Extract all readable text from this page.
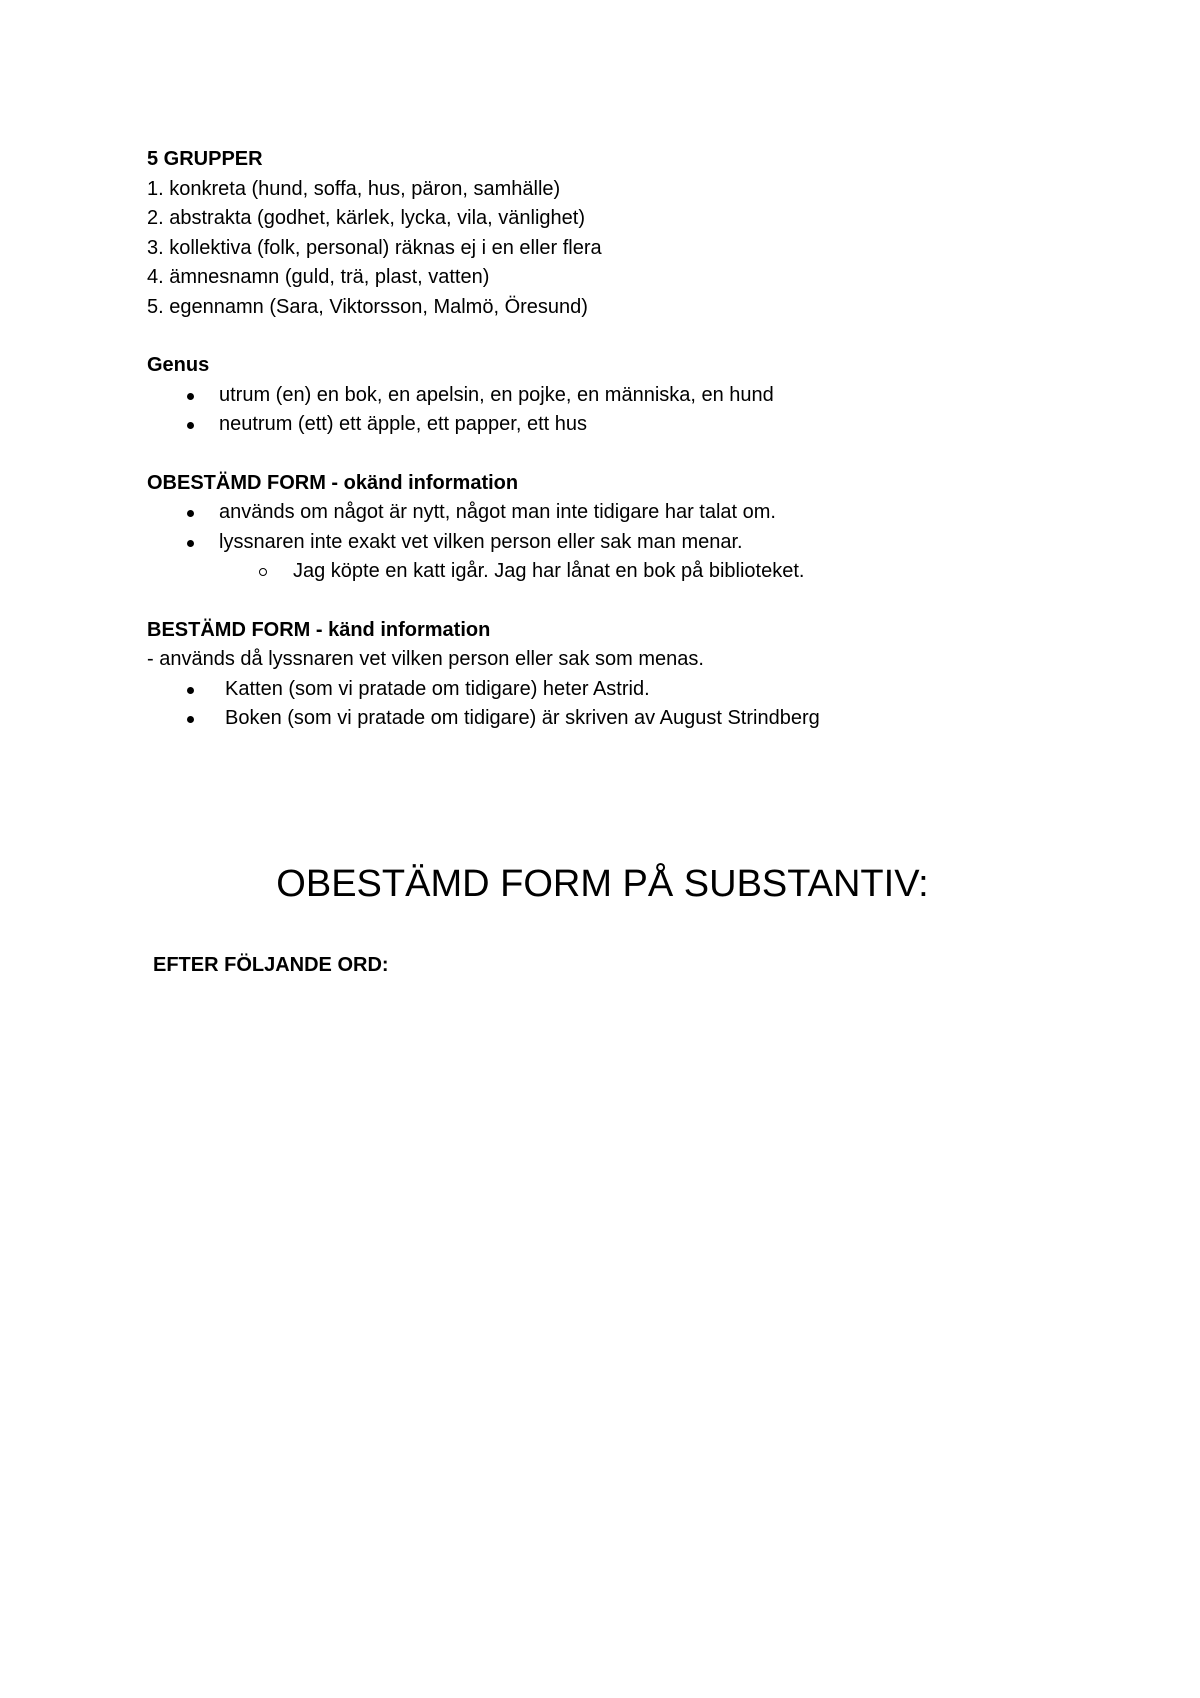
5 GRUPPER

1. konkreta (hund, soffa, hus, päron, samhälle)

2. abstrakta (godhet, kärlek, lycka, vila, vänlighet)

3. kollektiva (folk, personal) räknas ej i en eller flera

4. ämnesnamn (guld, trä, plast, vatten)

5. egennamn (Sara, Viktorsson, Malmö, Öresund)

Genus

utrum (en) en bok, en apelsin, en pojke, en människa, en hund
neutrum (ett) ett äpple, ett papper, ett hus

OBESTÄMD FORM - okänd information

används om något är nytt, något man inte tidigare har talat om.
lyssnaren inte exakt vet vilken person eller sak man menar.
Jag köpte en katt igår. Jag har lånat en bok på biblioteket.

BESTÄMD FORM - känd information

- används då lyssnaren vet vilken person eller sak som menas.

Katten (som vi pratade om tidigare) heter Astrid.
Boken (som vi pratade om tidigare) är skriven av August Strindberg
OBESTÄMD FORM PÅ SUBSTANTIV:

EFTER FÖLJANDE ORD:
